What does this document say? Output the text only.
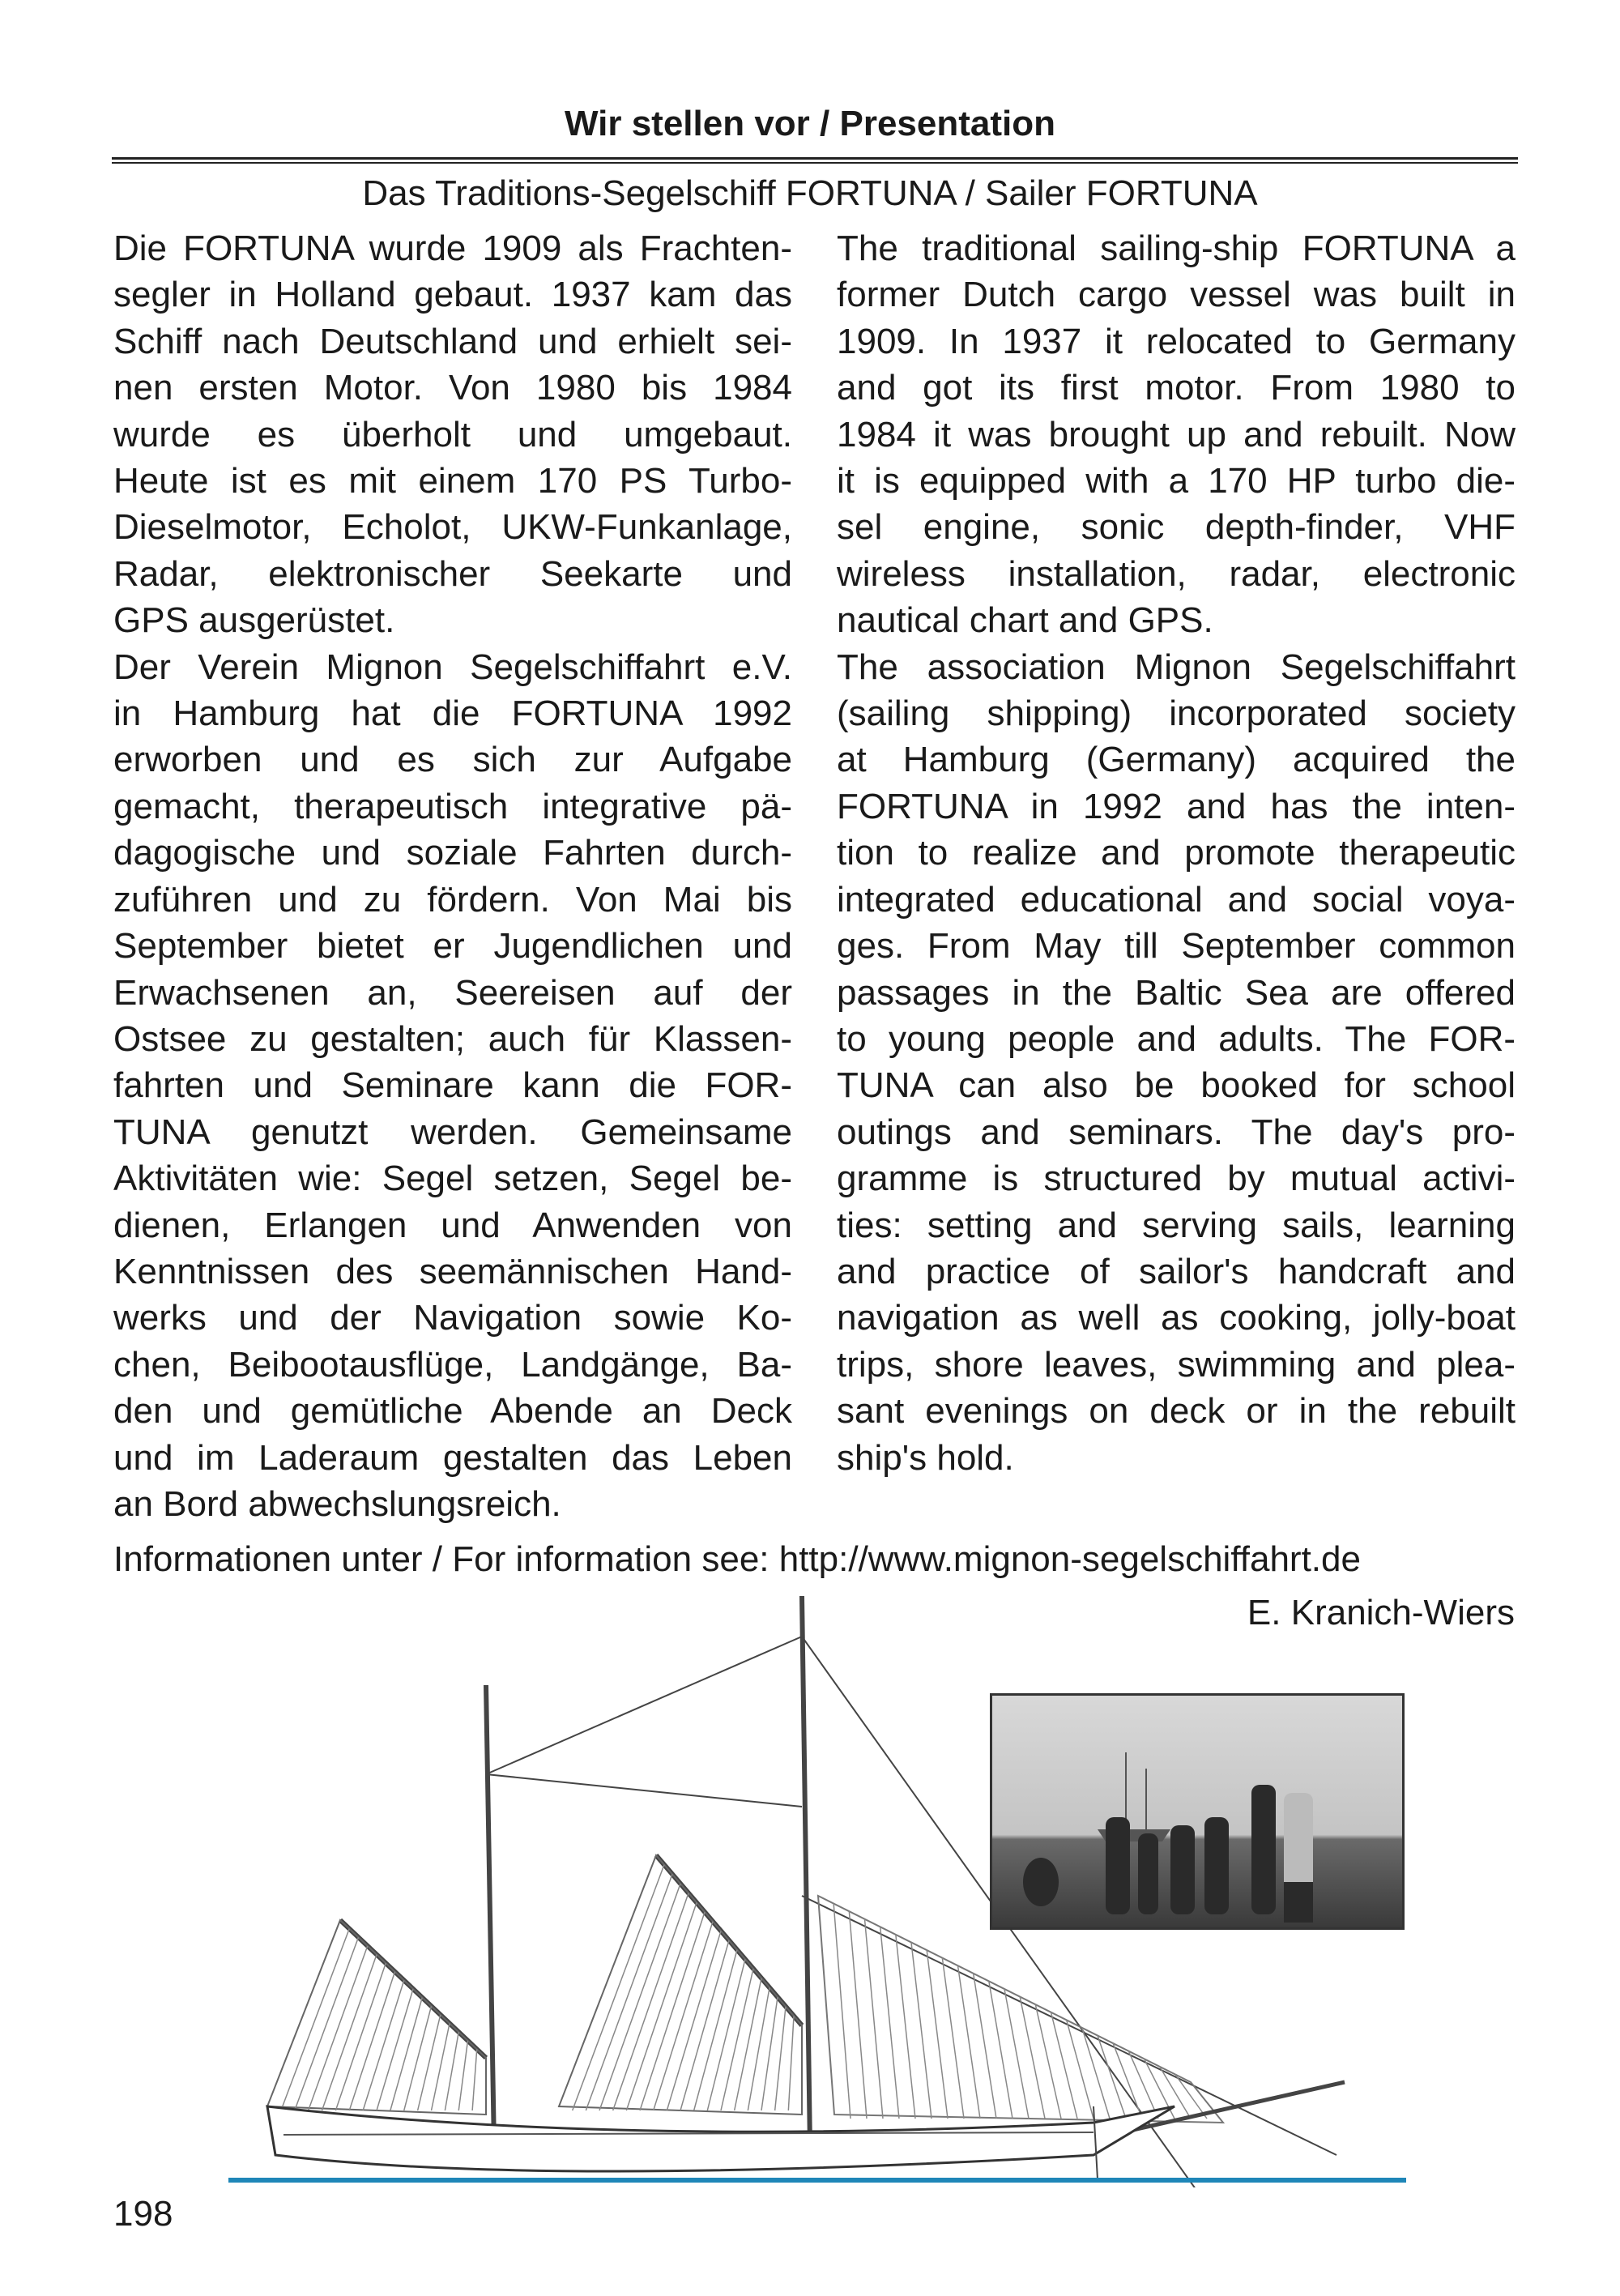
Wir stellen vor / Presentation
Das Traditions-Segelschiff FORTUNA / Sailer FORTUNA
Die FORTUNA wurde 1909 als Frachten-
segler in Holland gebaut. 1937 kam das
Schiff nach Deutschland und erhielt sei-
nen ersten Motor. Von 1980 bis 1984
wurde es überholt und umgebaut.
Heute ist es mit einem 170 PS Turbo-
Dieselmotor, Echolot, UKW-Funkanlage,
Radar, elektronischer Seekarte und
GPS ausgerüstet.
Der Verein Mignon Segelschiffahrt e.V.
in Hamburg hat die FORTUNA 1992
erworben und es sich zur Aufgabe
gemacht, therapeutisch integrative pä-
dagogische und soziale Fahrten durch-
zuführen und zu fördern. Von Mai bis
September bietet er Jugendlichen und
Erwachsenen an, Seereisen auf der
Ostsee zu gestalten; auch für Klassen-
fahrten und Seminare kann die FOR-
TUNA genutzt werden. Gemeinsame
Aktivitäten wie: Segel setzen, Segel be-
dienen, Erlangen und Anwenden von
Kenntnissen des seemännischen Hand-
werks und der Navigation sowie Ko-
chen, Beibootausflüge, Landgänge, Ba-
den und gemütliche Abende an Deck
und im Laderaum gestalten das Leben
an Bord abwechslungsreich.
The traditional sailing-ship FORTUNA a
former Dutch cargo vessel was built in
1909. In 1937 it relocated to Germany
and got its first motor. From 1980 to
1984 it was brought up and rebuilt. Now
it is equipped with a 170 HP turbo die-
sel engine, sonic depth-finder, VHF
wireless installation, radar, electronic
nautical chart and GPS.
The association Mignon Segelschiffahrt
(sailing shipping) incorporated society
at Hamburg (Germany) acquired the
FORTUNA in 1992 and has the inten-
tion to realize and promote therapeutic
integrated educational and social voya-
ges. From May till September common
passages in the Baltic Sea are offered
to young people and adults. The FOR-
TUNA can also be booked for school
outings and seminars. The day's pro-
gramme is structured by mutual activi-
ties: setting and serving sails, learning
and practice of sailor's handcraft and
navigation as well as cooking, jolly-boat
trips, shore leaves, swimming and plea-
sant evenings on deck or in the rebuilt
ship's hold.
Informationen unter / For information see: http://www.mignon-segelschiffahrt.de
E. Kranich-Wiers
198
